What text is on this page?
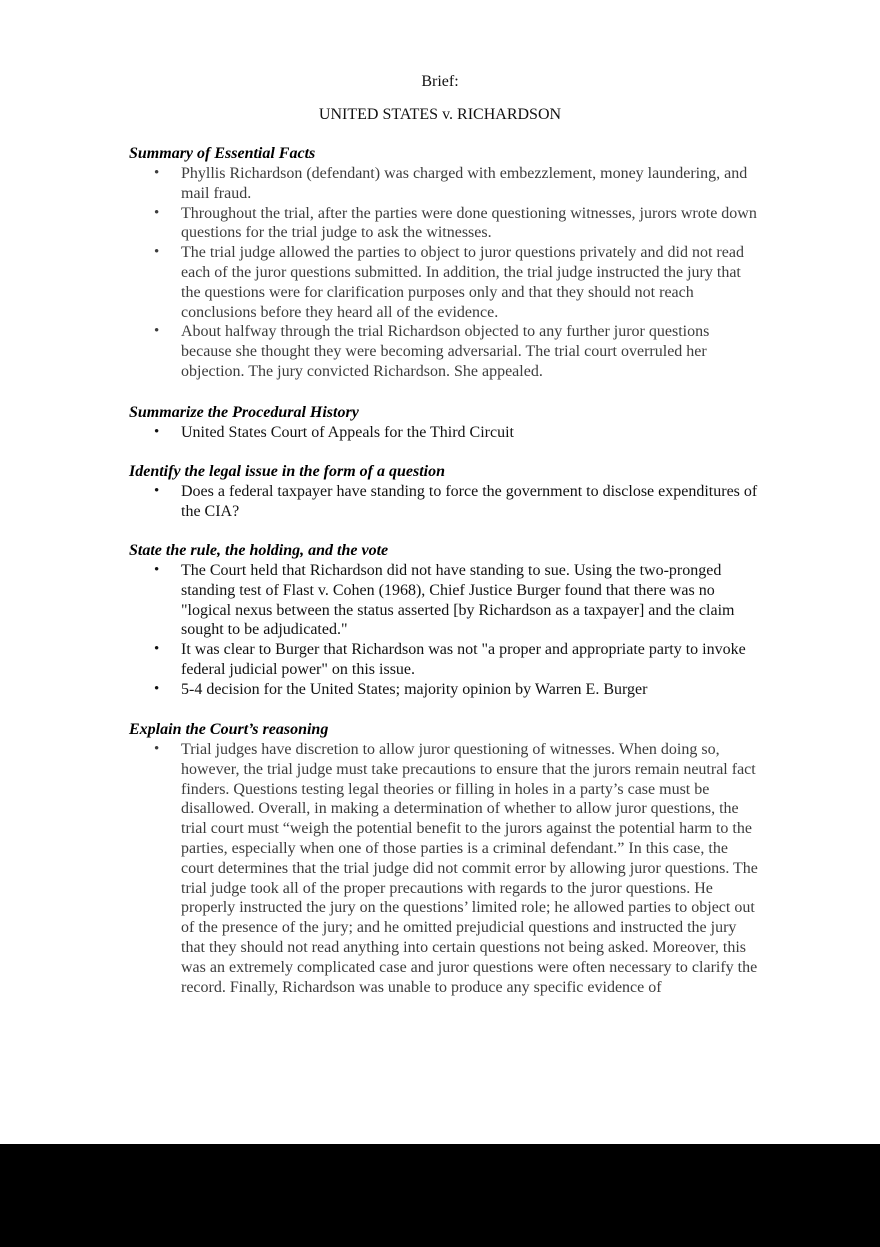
Brief:
UNITED STATES v. RICHARDSON
Summary of Essential Facts
• Phyllis Richardson (defendant) was charged with embezzlement, money laundering, and mail fraud.
• Throughout the trial, after the parties were done questioning witnesses, jurors wrote down questions for the trial judge to ask the witnesses.
• The trial judge allowed the parties to object to juror questions privately and did not read each of the juror questions submitted. In addition, the trial judge instructed the jury that the questions were for clarification purposes only and that they should not reach conclusions before they heard all of the evidence.
• About halfway through the trial Richardson objected to any further juror questions because she thought they were becoming adversarial. The trial court overruled her objection. The jury convicted Richardson. She appealed.
Summarize the Procedural History
• United States Court of Appeals for the Third Circuit
Identify the legal issue in the form of a question
• Does a federal taxpayer have standing to force the government to disclose expenditures of the CIA?
State the rule, the holding, and the vote
• The Court held that Richardson did not have standing to sue. Using the two-pronged standing test of Flast v. Cohen (1968), Chief Justice Burger found that there was no "logical nexus between the status asserted [by Richardson as a taxpayer] and the claim sought to be adjudicated."
• It was clear to Burger that Richardson was not "a proper and appropriate party to invoke federal judicial power" on this issue.
• 5-4 decision for the United States; majority opinion by Warren E. Burger
Explain the Court’s reasoning
• Trial judges have discretion to allow juror questioning of witnesses. When doing so, however, the trial judge must take precautions to ensure that the jurors remain neutral fact finders. Questions testing legal theories or filling in holes in a party’s case must be disallowed. Overall, in making a determination of whether to allow juror questions, the trial court must “weigh the potential benefit to the jurors against the potential harm to the parties, especially when one of those parties is a criminal defendant.” In this case, the court determines that the trial judge did not commit error by allowing juror questions. The trial judge took all of the proper precautions with regards to the juror questions. He properly instructed the jury on the questions’ limited role; he allowed parties to object out of the presence of the jury; and he omitted prejudicial questions and instructed the jury that they should not read anything into certain questions not being asked. Moreover, this was an extremely complicated case and juror questions were often necessary to clarify the record. Finally, Richardson was unable to produce any specific evidence of
